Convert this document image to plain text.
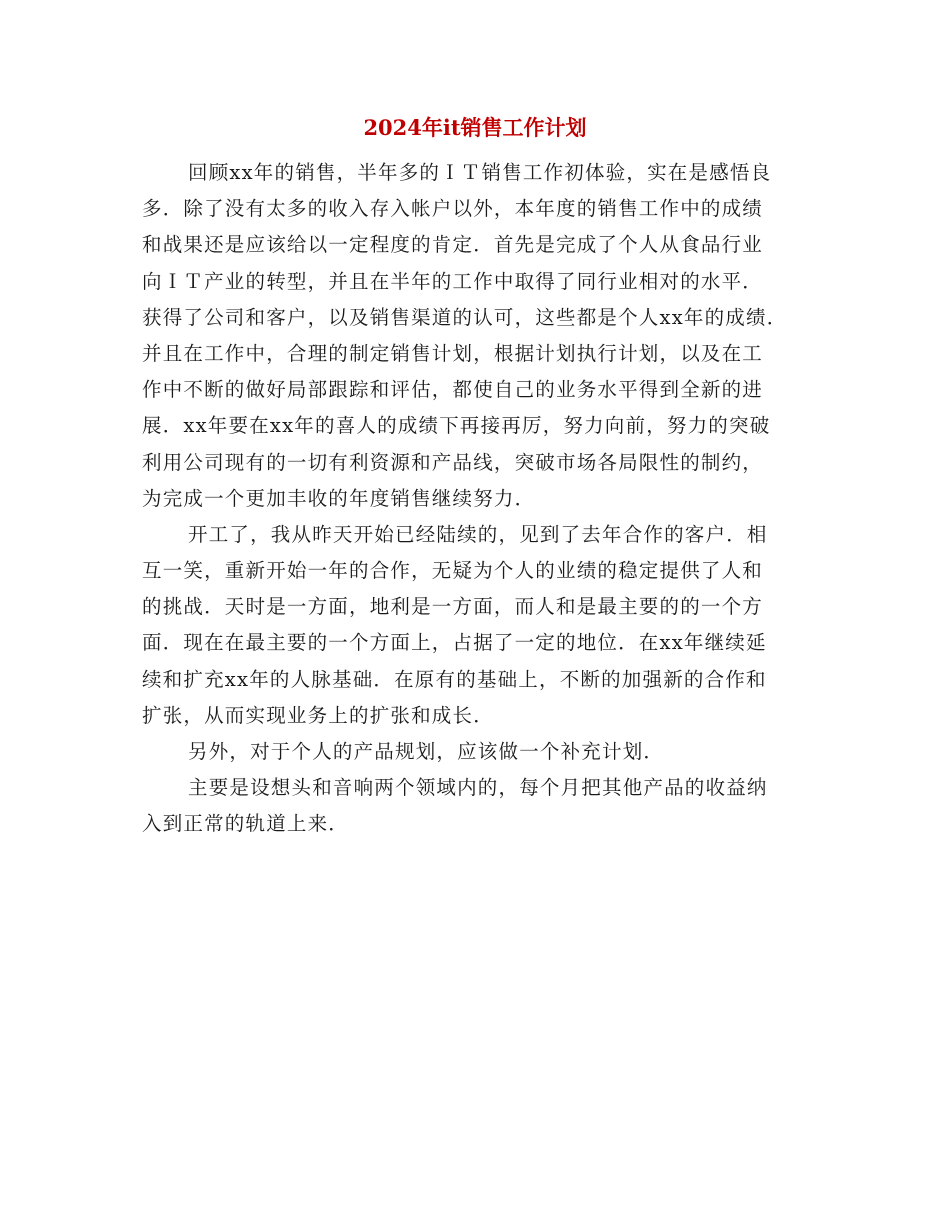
2024年it销售工作计划

回顾xx年的销售，半年多的ＩＴ销售工作初体验，实在是感悟良
多．除了没有太多的收入存入帐户以外，本年度的销售工作中的成绩
和战果还是应该给以一定程度的肯定．首先是完成了个人从食品行业
向ＩＴ产业的转型，并且在半年的工作中取得了同行业相对的水平．
获得了公司和客户，以及销售渠道的认可，这些都是个人xx年的成绩．
并且在工作中，合理的制定销售计划，根据计划执行计划，以及在工
作中不断的做好局部跟踪和评估，都使自己的业务水平得到全新的进
展．xx年要在xx年的喜人的成绩下再接再厉，努力向前，努力的突破
利用公司现有的一切有利资源和产品线，突破市场各局限性的制约，
为完成一个更加丰收的年度销售继续努力．

开工了，我从昨天开始已经陆续的，见到了去年合作的客户．相
互一笑，重新开始一年的合作，无疑为个人的业绩的稳定提供了人和
的挑战．天时是一方面，地利是一方面，而人和是最主要的的一个方
面．现在在最主要的一个方面上，占据了一定的地位．在xx年继续延
续和扩充xx年的人脉基础．在原有的基础上，不断的加强新的合作和
扩张，从而实现业务上的扩张和成长．

另外，对于个人的产品规划，应该做一个补充计划．

主要是设想头和音响两个领域内的，每个月把其他产品的收益纳
入到正常的轨道上来．
